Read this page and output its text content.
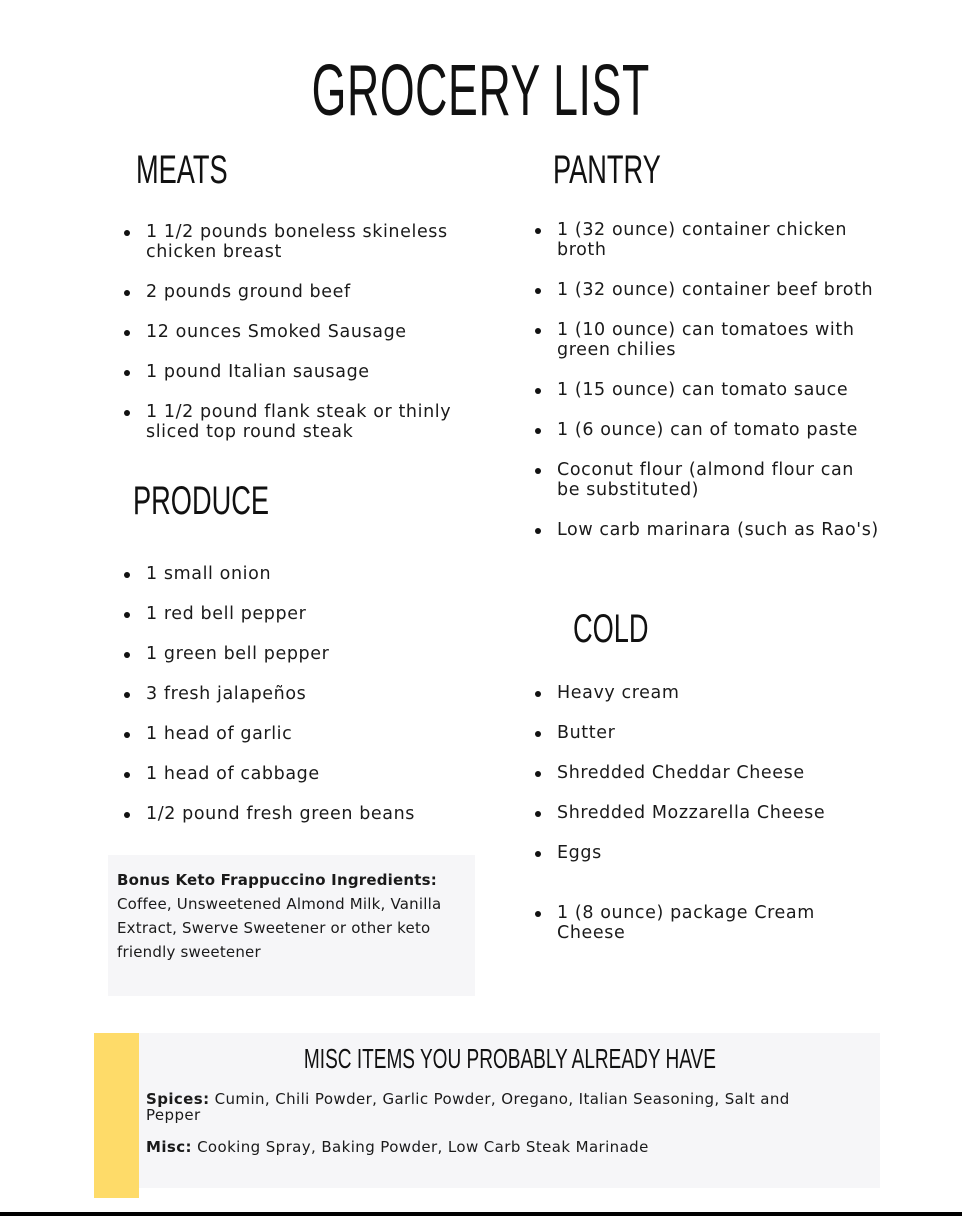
GROCERY LIST
MEATS
1 1/2 pounds boneless skineless chicken breast
2 pounds ground beef
12 ounces Smoked Sausage
1 pound Italian sausage
1 1/2 pound flank steak or thinly sliced top round steak
PRODUCE
1 small onion
1 red bell pepper
1 green bell pepper
3 fresh jalapeños
1 head of garlic
1 head of cabbage
1/2 pound fresh green beans
Bonus Keto Frappuccino Ingredients: Coffee, Unsweetened Almond Milk, Vanilla Extract, Swerve Sweetener or other keto friendly sweetener
PANTRY
1 (32 ounce) container chicken broth
1 (32 ounce) container beef broth
1 (10 ounce) can tomatoes with green chilies
1 (15 ounce) can tomato sauce
1 (6 ounce) can of tomato paste
Coconut flour (almond flour can be substituted)
Low carb marinara (such as Rao's)
COLD
Heavy cream
Butter
Shredded Cheddar Cheese
Shredded Mozzarella Cheese
Eggs
1 (8 ounce) package Cream Cheese
MISC ITEMS YOU PROBABLY ALREADY HAVE
Spices: Cumin, Chili Powder, Garlic Powder, Oregano, Italian Seasoning, Salt and Pepper
Misc: Cooking Spray, Baking Powder, Low Carb Steak Marinade
